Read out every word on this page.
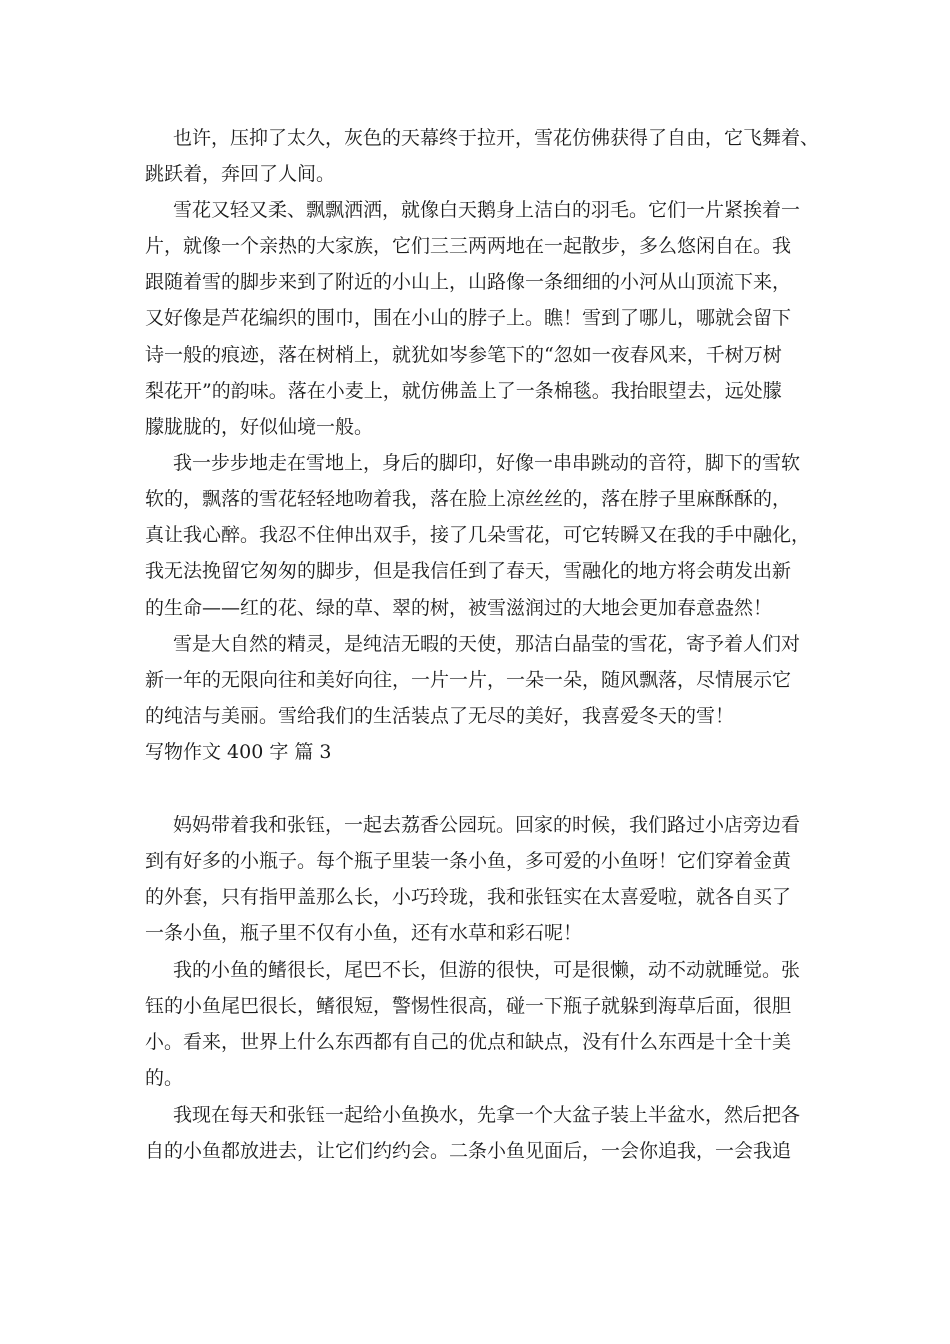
也许，压抑了太久，灰色的天幕终于拉开，雪花仿佛获得了自由，它飞舞着、

跳跃着，奔回了人间。

雪花又轻又柔、飘飘洒洒，就像白天鹅身上洁白的羽毛。它们一片紧挨着一

片，就像一个亲热的大家族，它们三三两两地在一起散步，多么悠闲自在。我

跟随着雪的脚步来到了附近的小山上，山路像一条细细的小河从山顶流下来，

又好像是芦花编织的围巾，围在小山的脖子上。瞧！雪到了哪儿，哪就会留下

诗一般的痕迹，落在树梢上，就犹如岑参笔下的“忽如一夜春风来，千树万树

梨花开”的韵味。落在小麦上，就仿佛盖上了一条棉毯。我抬眼望去，远处朦

朦胧胧的，好似仙境一般。

我一步步地走在雪地上，身后的脚印，好像一串串跳动的音符，脚下的雪软

软的，飘落的雪花轻轻地吻着我，落在脸上凉丝丝的，落在脖子里麻酥酥的，

真让我心醉。我忍不住伸出双手，接了几朵雪花，可它转瞬又在我的手中融化，

我无法挽留它匆匆的脚步，但是我信任到了春天，雪融化的地方将会萌发出新

的生命——红的花、绿的草、翠的树，被雪滋润过的大地会更加春意盎然！

雪是大自然的精灵，是纯洁无暇的天使，那洁白晶莹的雪花，寄予着人们对

新一年的无限向往和美好向往，一片一片，一朵一朵，随风飘落，尽情展示它

的纯洁与美丽。雪给我们的生活装点了无尽的美好，我喜爱冬天的雪！

写物作文 400 字 篇 3

妈妈带着我和张钰，一起去荔香公园玩。回家的时候，我们路过小店旁边看

到有好多的小瓶子。每个瓶子里装一条小鱼，多可爱的小鱼呀！它们穿着金黄

的外套，只有指甲盖那么长，小巧玲珑，我和张钰实在太喜爱啦，就各自买了

一条小鱼，瓶子里不仅有小鱼，还有水草和彩石呢！

我的小鱼的鳍很长，尾巴不长，但游的很快，可是很懒，动不动就睡觉。张

钰的小鱼尾巴很长，鳍很短，警惕性很高，碰一下瓶子就躲到海草后面，很胆

小。看来，世界上什么东西都有自己的优点和缺点，没有什么东西是十全十美

的。

我现在每天和张钰一起给小鱼换水，先拿一个大盆子装上半盆水，然后把各

自的小鱼都放进去，让它们约约会。二条小鱼见面后，一会你追我，一会我追
